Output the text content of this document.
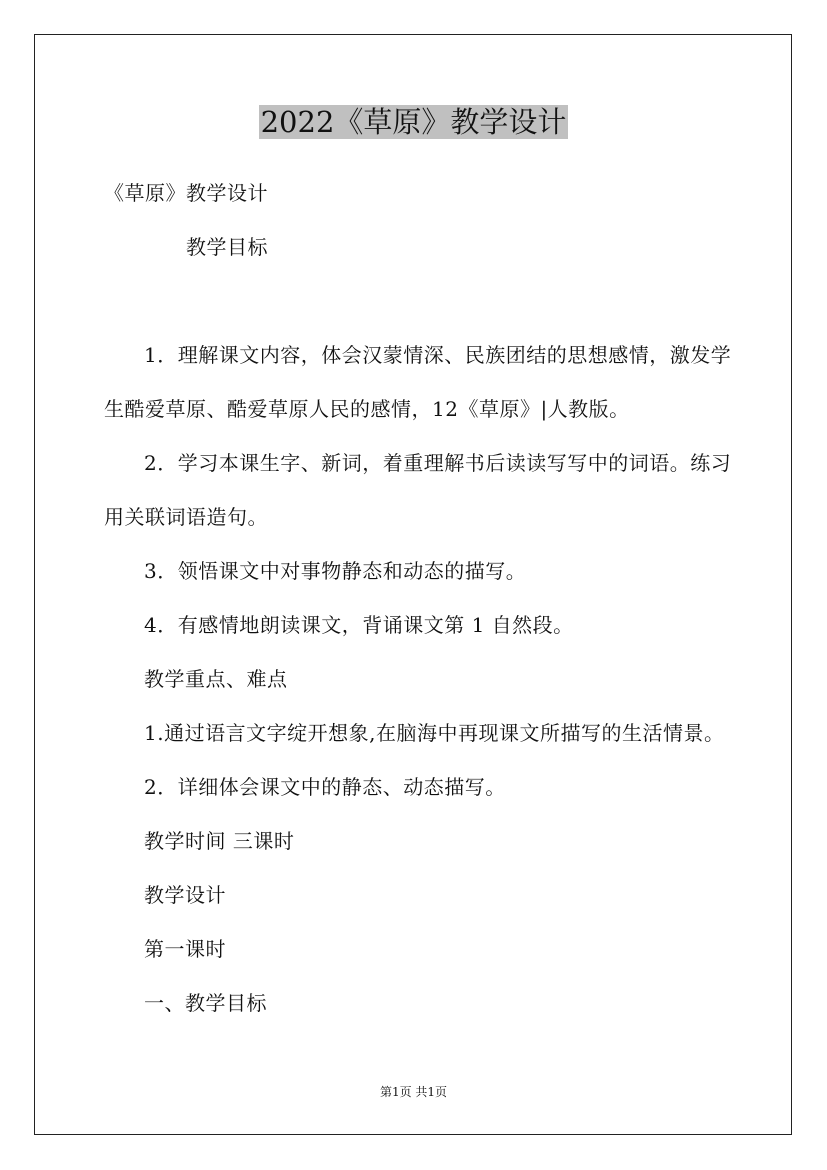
2022《草原》教学设计
《草原》教学设计
教学目标
1．理解课文内容，体会汉蒙情深、民族团结的思想感情，激发学
生酷爱草原、酷爱草原人民的感情，12《草原》|人教版。
2．学习本课生字、新词，着重理解书后读读写写中的词语。练习
用关联词语造句。
3．领悟课文中对事物静态和动态的描写。
4．有感情地朗读课文，背诵课文第 1 自然段。
教学重点、难点
1.通过语言文字绽开想象,在脑海中再现课文所描写的生活情景。
2．详细体会课文中的静态、动态描写。
教学时间 三课时
教学设计
第一课时
一、教学目标
第1页 共1页
